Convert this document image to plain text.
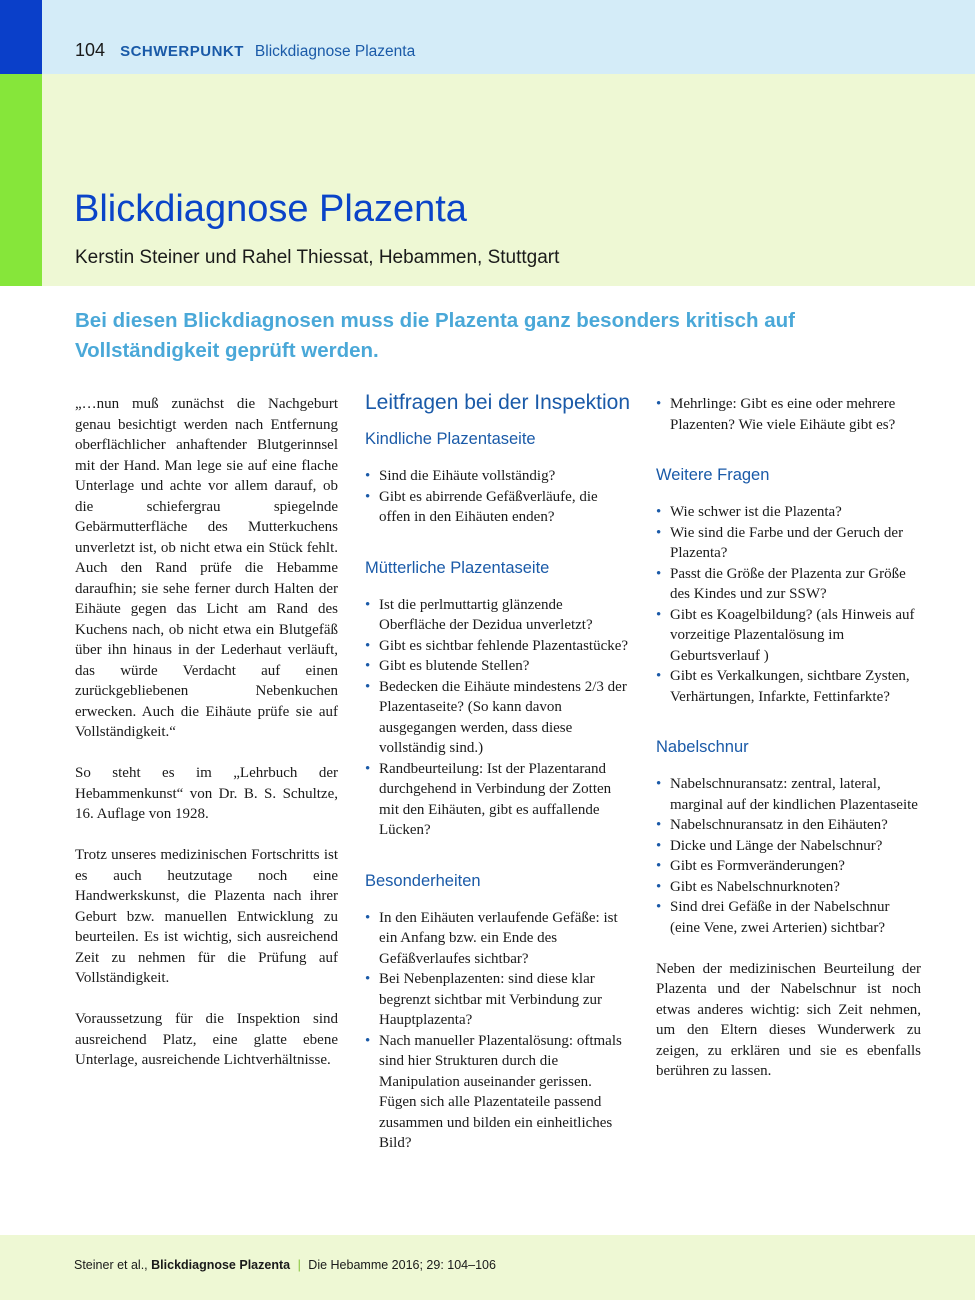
104 SCHWERPUNKT Blickdiagnose Plazenta
Blickdiagnose Plazenta
Kerstin Steiner und Rahel Thiessat, Hebammen, Stuttgart
Bei diesen Blickdiagnosen muss die Plazenta ganz besonders kritisch auf Vollständigkeit geprüft werden.

„…nun muß zunächst die Nachgeburt genau besichtigt werden nach Entfernung oberflächlicher anhaftender Blutgerinnsel mit der Hand. Man lege sie auf eine flache Unterlage und achte vor allem darauf, ob die schiefergrau spiegelnde Gebärmutterfläche des Mutterkuchens unverletzt ist, ob nicht etwa ein Stück fehlt. Auch den Rand prüfe die Hebamme daraufhin; sie sehe ferner durch Halten der Eihäute gegen das Licht am Rand des Kuchens nach, ob nicht etwa ein Blutgefäß über ihn hinaus in der Lederhaut verläuft, das würde Verdacht auf einen zurückgebliebenen Nebenkuchen erwecken. Auch die Eihäute prüfe sie auf Vollständigkeit.“

So steht es im „Lehrbuch der Hebammenkunst“ von Dr. B. S. Schultze, 16. Auflage von 1928.

Trotz unseres medizinischen Fortschritts ist es auch heutzutage noch eine Handwerkskunst, die Plazenta nach ihrer Geburt bzw. manuellen Entwicklung zu beurteilen. Es ist wichtig, sich ausreichend Zeit zu nehmen für die Prüfung auf Vollständigkeit.

Voraussetzung für die Inspektion sind ausreichend Platz, eine glatte ebene Unterlage, ausreichende Lichtverhältnisse.

Leitfragen bei der Inspektion
Kindliche Plazentaseite
• Sind die Eihäute vollständig?
• Gibt es abirrende Gefäßverläufe, die offen in den Eihäuten enden?
Mütterliche Plazentaseite
• Ist die perlmuttartig glänzende Oberfläche der Dezidua unverletzt?
• Gibt es sichtbar fehlende Plazentastücke?
• Gibt es blutende Stellen?
• Bedecken die Eihäute mindestens 2/3 der Plazentaseite? (So kann davon ausgegangen werden, dass diese vollständig sind.)
• Randbeurteilung: Ist der Plazentarand durchgehend in Verbindung der Zotten mit den Eihäuten, gibt es auffallende Lücken?
Besonderheiten
• In den Eihäuten verlaufende Gefäße: ist ein Anfang bzw. ein Ende des Gefäßverlaufes sichtbar?
• Bei Nebenplazenten: sind diese klar begrenzt sichtbar mit Verbindung zur Hauptplazenta?
• Nach manueller Plazentalösung: oftmals sind hier Strukturen durch die Manipulation auseinander gerissen. Fügen sich alle Plazentateile passend zusammen und bilden ein einheitliches Bild?
• Mehrlinge: Gibt es eine oder mehrere Plazenten? Wie viele Eihäute gibt es?
Weitere Fragen
• Wie schwer ist die Plazenta?
• Wie sind die Farbe und der Geruch der Plazenta?
• Passt die Größe der Plazenta zur Größe des Kindes und zur SSW?
• Gibt es Koagelbildung? (als Hinweis auf vorzeitige Plazentalösung im Geburtsverlauf )
• Gibt es Verkalkungen, sichtbare Zysten, Verhärtungen, Infarkte, Fettinfarkte?
Nabelschnur
• Nabelschnuransatz: zentral, lateral, marginal auf der kindlichen Plazentaseite
• Nabelschnuransatz in den Eihäuten?
• Dicke und Länge der Nabelschnur?
• Gibt es Formveränderungen?
• Gibt es Nabelschnurknoten?
• Sind drei Gefäße in der Nabelschnur (eine Vene, zwei Arterien) sichtbar?

Neben der medizinischen Beurteilung der Plazenta und der Nabelschnur ist noch etwas anderes wichtig: sich Zeit nehmen, um den Eltern dieses Wunderwerk zu zeigen, zu erklären und sie es ebenfalls berühren zu lassen.

Steiner et al., Blickdiagnose Plazenta | Die Hebamme 2016; 29: 104–106
